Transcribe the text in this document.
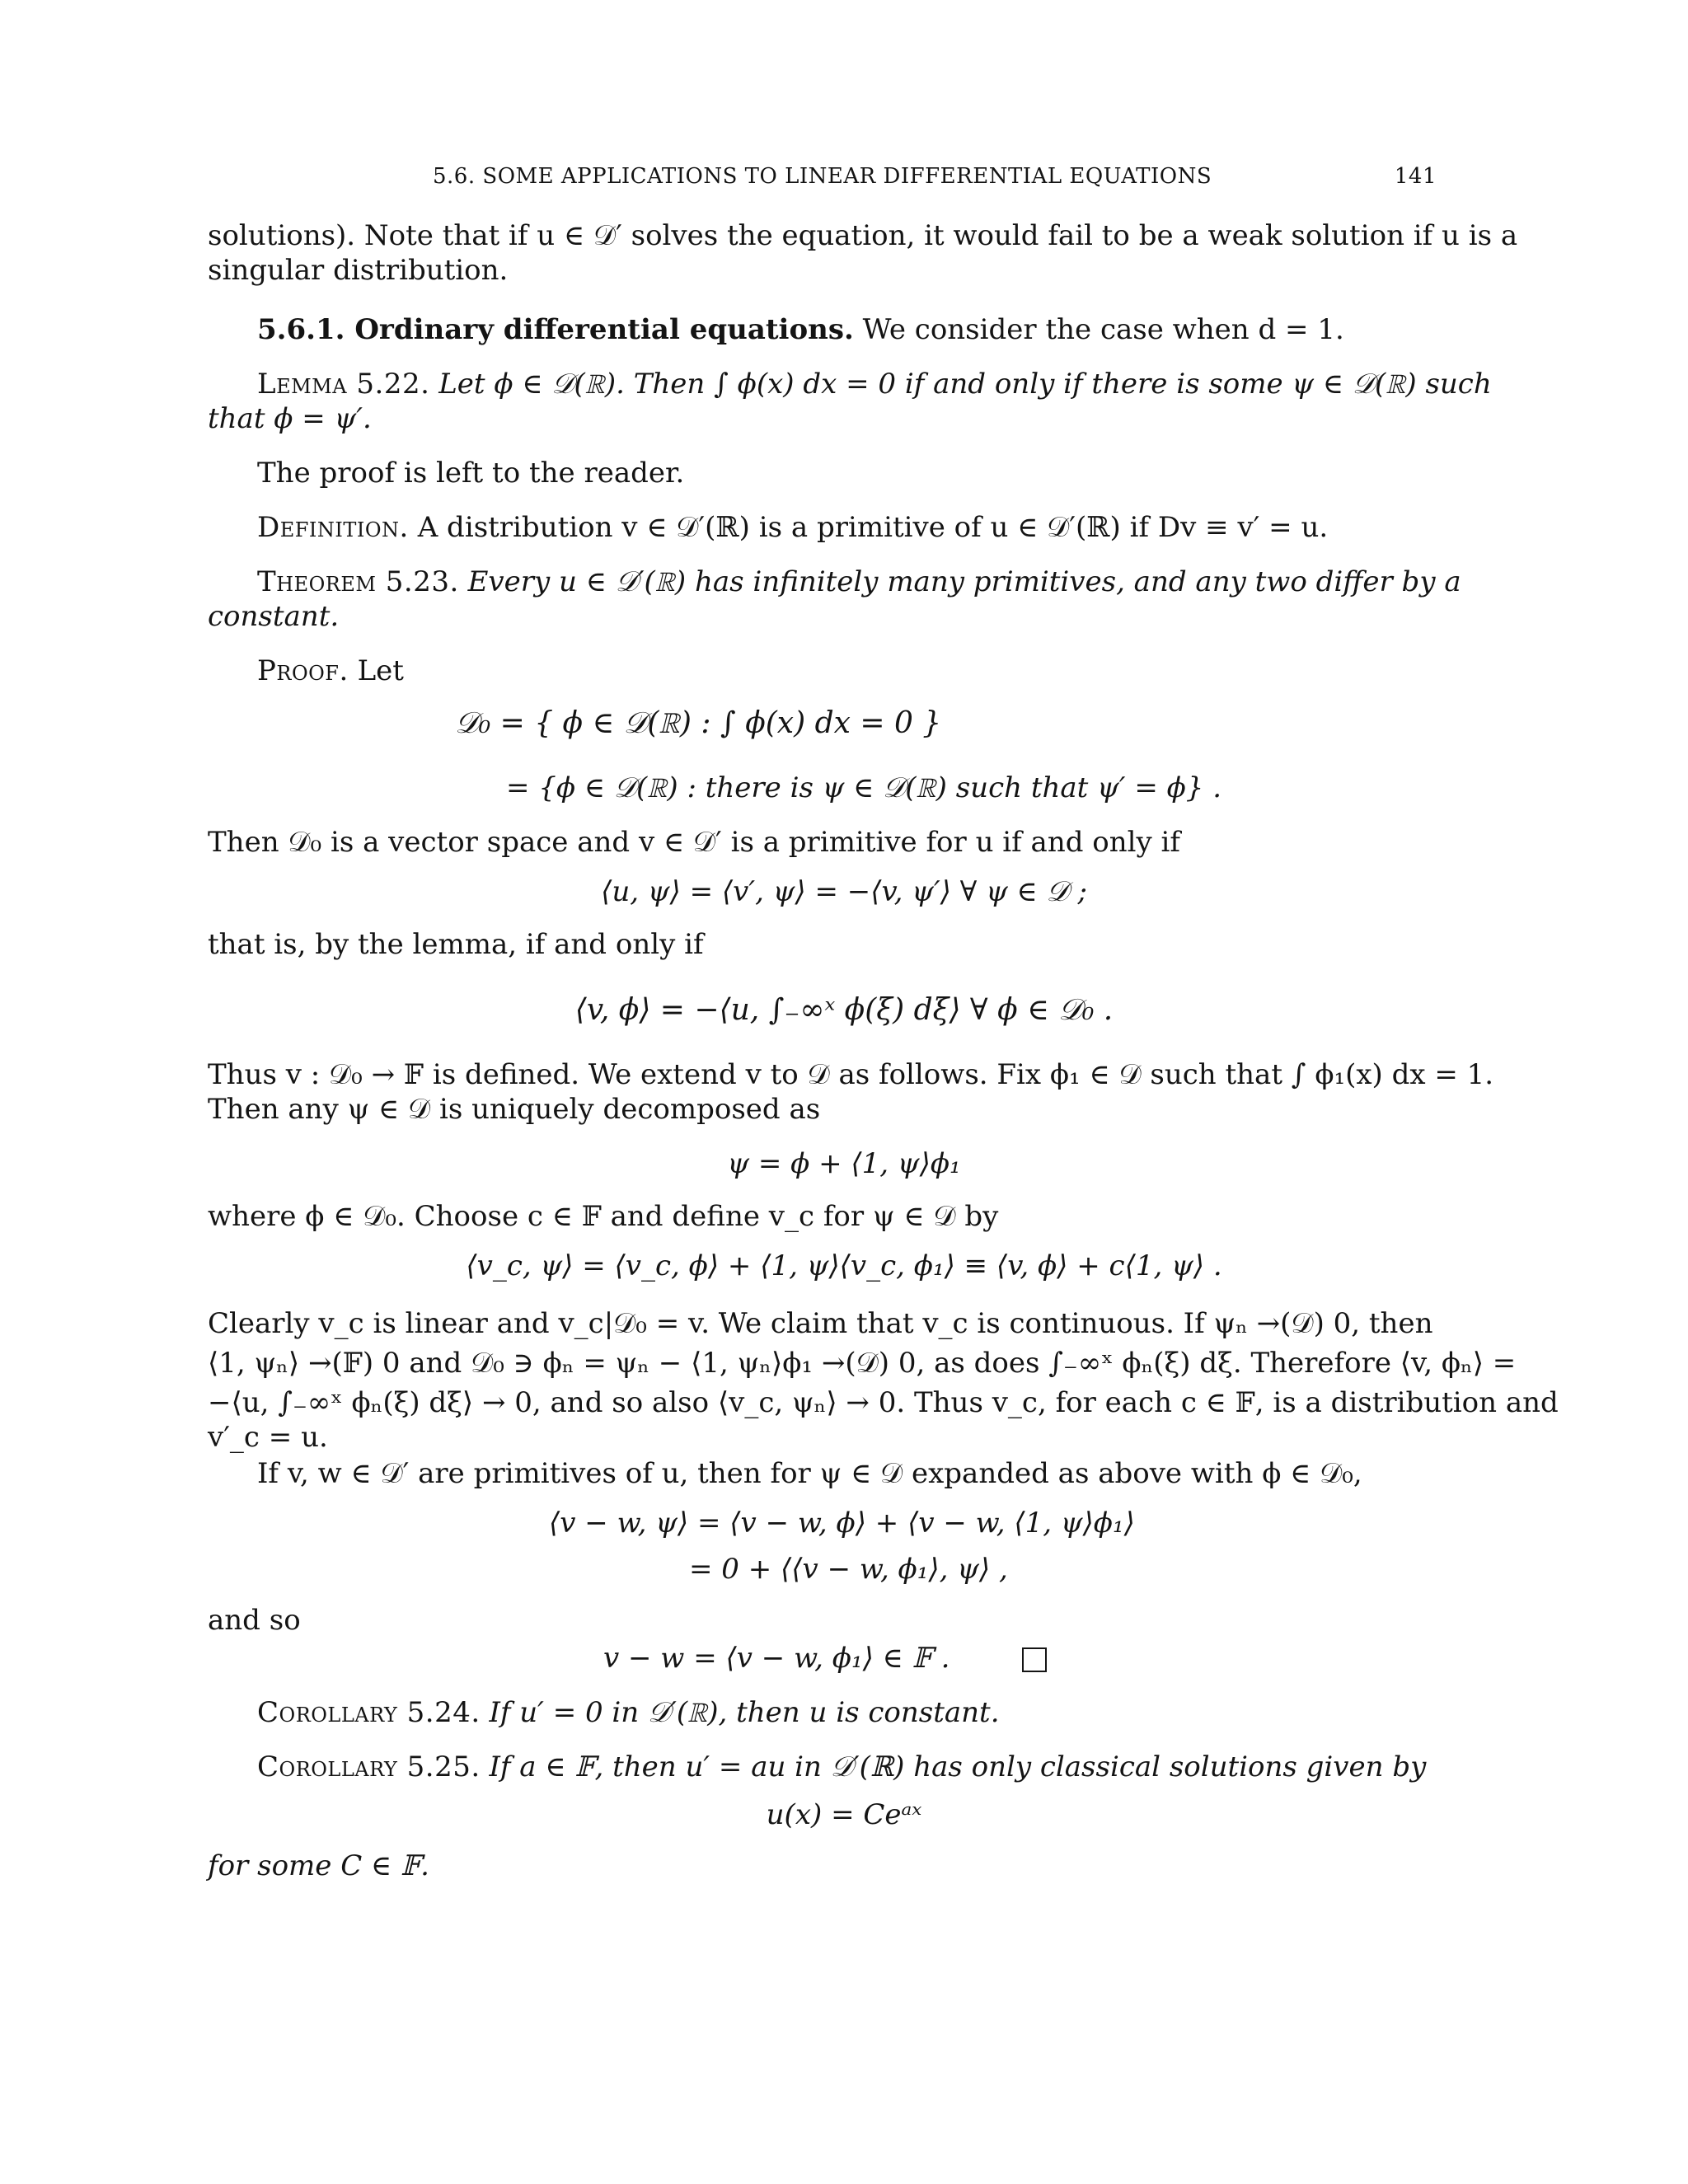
5.6. SOME APPLICATIONS TO LINEAR DIFFERENTIAL EQUATIONS	141
solutions). Note that if u ∈ 𝒟′ solves the equation, it would fail to be a weak solution if u is a
singular distribution.
5.6.1. Ordinary differential equations. We consider the case when d = 1.
Lemma 5.22. Let ϕ ∈ 𝒟(ℝ). Then ∫ ϕ(x) dx = 0 if and only if there is some ψ ∈ 𝒟(ℝ) such
that ϕ = ψ′.
The proof is left to the reader.
Definition. A distribution v ∈ 𝒟′(ℝ) is a primitive of u ∈ 𝒟′(ℝ) if Dv ≡ v′ = u.
Theorem 5.23. Every u ∈ 𝒟′(ℝ) has infinitely many primitives, and any two differ by a
constant.
Proof. Let
𝒟₀ = { ϕ ∈ 𝒟(ℝ) : ∫ ϕ(x) dx = 0 }
= {ϕ ∈ 𝒟(ℝ) : there is ψ ∈ 𝒟(ℝ) such that ψ′ = ϕ} .
Then 𝒟₀ is a vector space and v ∈ 𝒟′ is a primitive for u if and only if
⟨u, ψ⟩ = ⟨v′, ψ⟩ = −⟨v, ψ′⟩ ∀ ψ ∈ 𝒟 ;
that is, by the lemma, if and only if
⟨v, ϕ⟩ = −⟨u, ∫₋∞ˣ ϕ(ξ) dξ⟩ ∀ ϕ ∈ 𝒟₀ .
Thus v : 𝒟₀ → 𝔽 is defined. We extend v to 𝒟 as follows. Fix ϕ₁ ∈ 𝒟 such that ∫ ϕ₁(x) dx = 1.
Then any ψ ∈ 𝒟 is uniquely decomposed as
ψ = ϕ + ⟨1, ψ⟩ϕ₁
where ϕ ∈ 𝒟₀. Choose c ∈ 𝔽 and define v_c for ψ ∈ 𝒟 by
⟨v_c, ψ⟩ = ⟨v_c, ϕ⟩ + ⟨1, ψ⟩⟨v_c, ϕ₁⟩ ≡ ⟨v, ϕ⟩ + c⟨1, ψ⟩ .
Clearly v_c is linear and v_c|𝒟₀ = v. We claim that v_c is continuous. If ψₙ →(𝒟) 0, then
⟨1, ψₙ⟩ →(𝔽) 0 and 𝒟₀ ∋ ϕₙ = ψₙ − ⟨1, ψₙ⟩ϕ₁ →(𝒟) 0, as does ∫₋∞ˣ ϕₙ(ξ) dξ. Therefore ⟨v, ϕₙ⟩ =
−⟨u, ∫₋∞ˣ ϕₙ(ξ) dξ⟩ → 0, and so also ⟨v_c, ψₙ⟩ → 0. Thus v_c, for each c ∈ 𝔽, is a distribution and
v′_c = u.
If v, w ∈ 𝒟′ are primitives of u, then for ψ ∈ 𝒟 expanded as above with ϕ ∈ 𝒟₀,
⟨v − w, ψ⟩ = ⟨v − w, ϕ⟩ + ⟨v − w, ⟨1, ψ⟩ϕ₁⟩
= 0 + ⟨⟨v − w, ϕ₁⟩, ψ⟩ ,
and so
v − w = ⟨v − w, ϕ₁⟩ ∈ 𝔽 .
Corollary 5.24. If u′ = 0 in 𝒟′(ℝ), then u is constant.
Corollary 5.25. If a ∈ 𝔽, then u′ = au in 𝒟′(ℝ) has only classical solutions given by
u(x) = Ceᵃˣ
for some C ∈ 𝔽.
